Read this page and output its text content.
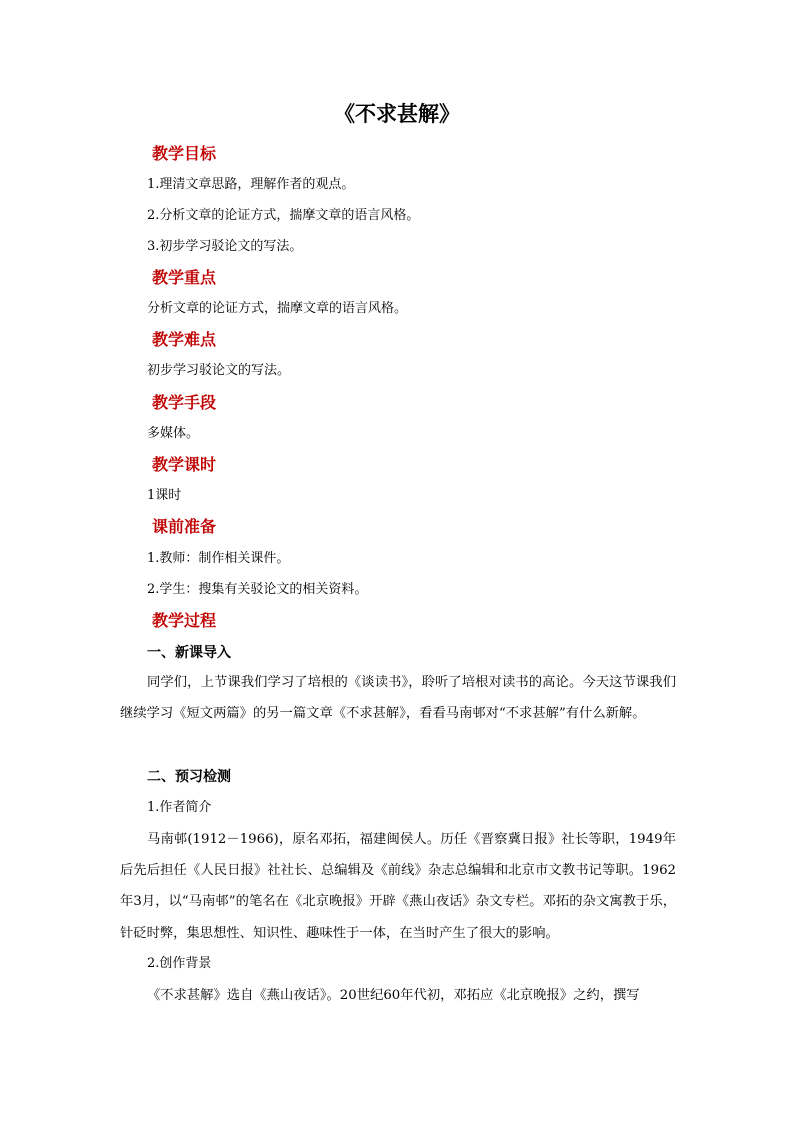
《不求甚解》
教学目标

1.理清文章思路，理解作者的观点。

2.分析文章的论证方式，揣摩文章的语言风格。

3.初步学习驳论文的写法。

教学重点

分析文章的论证方式，揣摩文章的语言风格。

教学难点

初步学习驳论文的写法。

教学手段

多媒体。

教学课时

1课时

课前准备

1.教师：制作相关课件。

2.学生：搜集有关驳论文的相关资料。

教学过程
一、新课导入

同学们，上节课我们学习了培根的《谈读书》，聆听了培根对读书的高论。今天这节课我们继续学习《短文两篇》的另一篇文章《不求甚解》，看看马南邨对“不求甚解”有什么新解。

二、预习检测

1.作者简介

马南邨(1912－1966)，原名邓拓，福建闽侯人。历任《晋察冀日报》社长等职，1949年后先后担任《人民日报》社社长、总编辑及《前线》杂志总编辑和北京市文教书记等职。1962年3月，以“马南邨”的笔名在《北京晚报》开辟《燕山夜话》杂文专栏。邓拓的杂文寓教于乐，针砭时弊，集思想性、知识性、趣味性于一体，在当时产生了很大的影响。

2.创作背景

《不求甚解》选自《燕山夜话》。20世纪60年代初，邓拓应《北京晚报》之约，撰写
